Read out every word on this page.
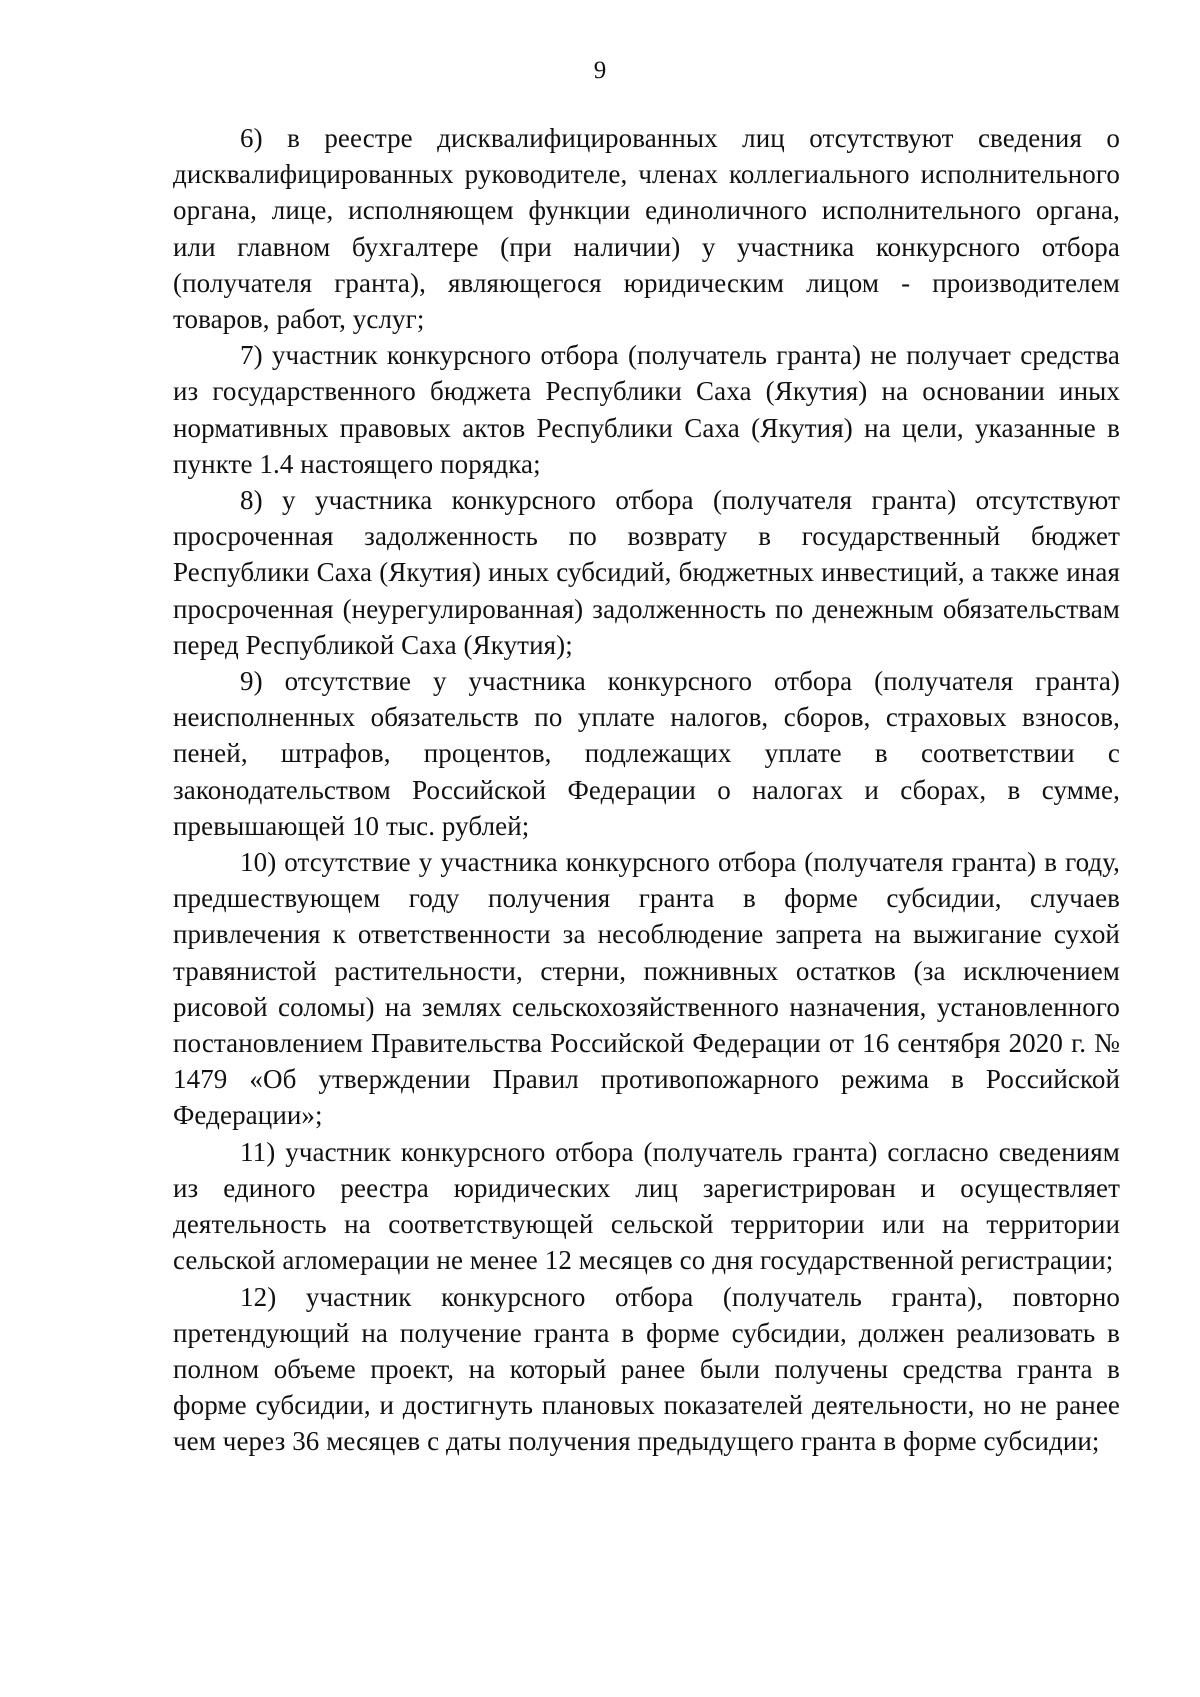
9

6) в реестре дисквалифицированных лиц отсутствуют сведения о дисквалифицированных руководителе, членах коллегиального исполнительного органа, лице, исполняющем функции единоличного исполнительного органа, или главном бухгалтере (при наличии) у участника конкурсного отбора (получателя гранта), являющегося юридическим лицом - производителем товаров, работ, услуг;

7) участник конкурсного отбора (получатель гранта) не получает средства из государственного бюджета Республики Саха (Якутия) на основании иных нормативных правовых актов Республики Саха (Якутия) на цели, указанные в пункте 1.4 настоящего порядка;

8) у участника конкурсного отбора (получателя гранта) отсутствуют просроченная задолженность по возврату в государственный бюджет Республики Саха (Якутия) иных субсидий, бюджетных инвестиций, а также иная просроченная (неурегулированная) задолженность по денежным обязательствам перед Республикой Саха (Якутия);

9) отсутствие у участника конкурсного отбора (получателя гранта) неисполненных обязательств по уплате налогов, сборов, страховых взносов, пеней, штрафов, процентов, подлежащих уплате в соответствии с законодательством Российской Федерации о налогах и сборах, в сумме, превышающей 10 тыс. рублей;

10) отсутствие у участника конкурсного отбора (получателя гранта) в году, предшествующем году получения гранта в форме субсидии, случаев привлечения к ответственности за несоблюдение запрета на выжигание сухой травянистой растительности, стерни, пожнивных остатков (за исключением рисовой соломы) на землях сельскохозяйственного назначения, установленного постановлением Правительства Российской Федерации от 16 сентября 2020 г. № 1479 «Об утверждении Правил противопожарного режима в Российской Федерации»;

11) участник конкурсного отбора (получатель гранта) согласно сведениям из единого реестра юридических лиц зарегистрирован и осуществляет деятельность на соответствующей сельской территории или на территории сельской агломерации не менее 12 месяцев со дня государственной регистрации;

12) участник конкурсного отбора (получатель гранта), повторно претендующий на получение гранта в форме субсидии, должен реализовать в полном объеме проект, на который ранее были получены средства гранта в форме субсидии, и достигнуть плановых показателей деятельности, но не ранее чем через 36 месяцев с даты получения предыдущего гранта в форме субсидии;
